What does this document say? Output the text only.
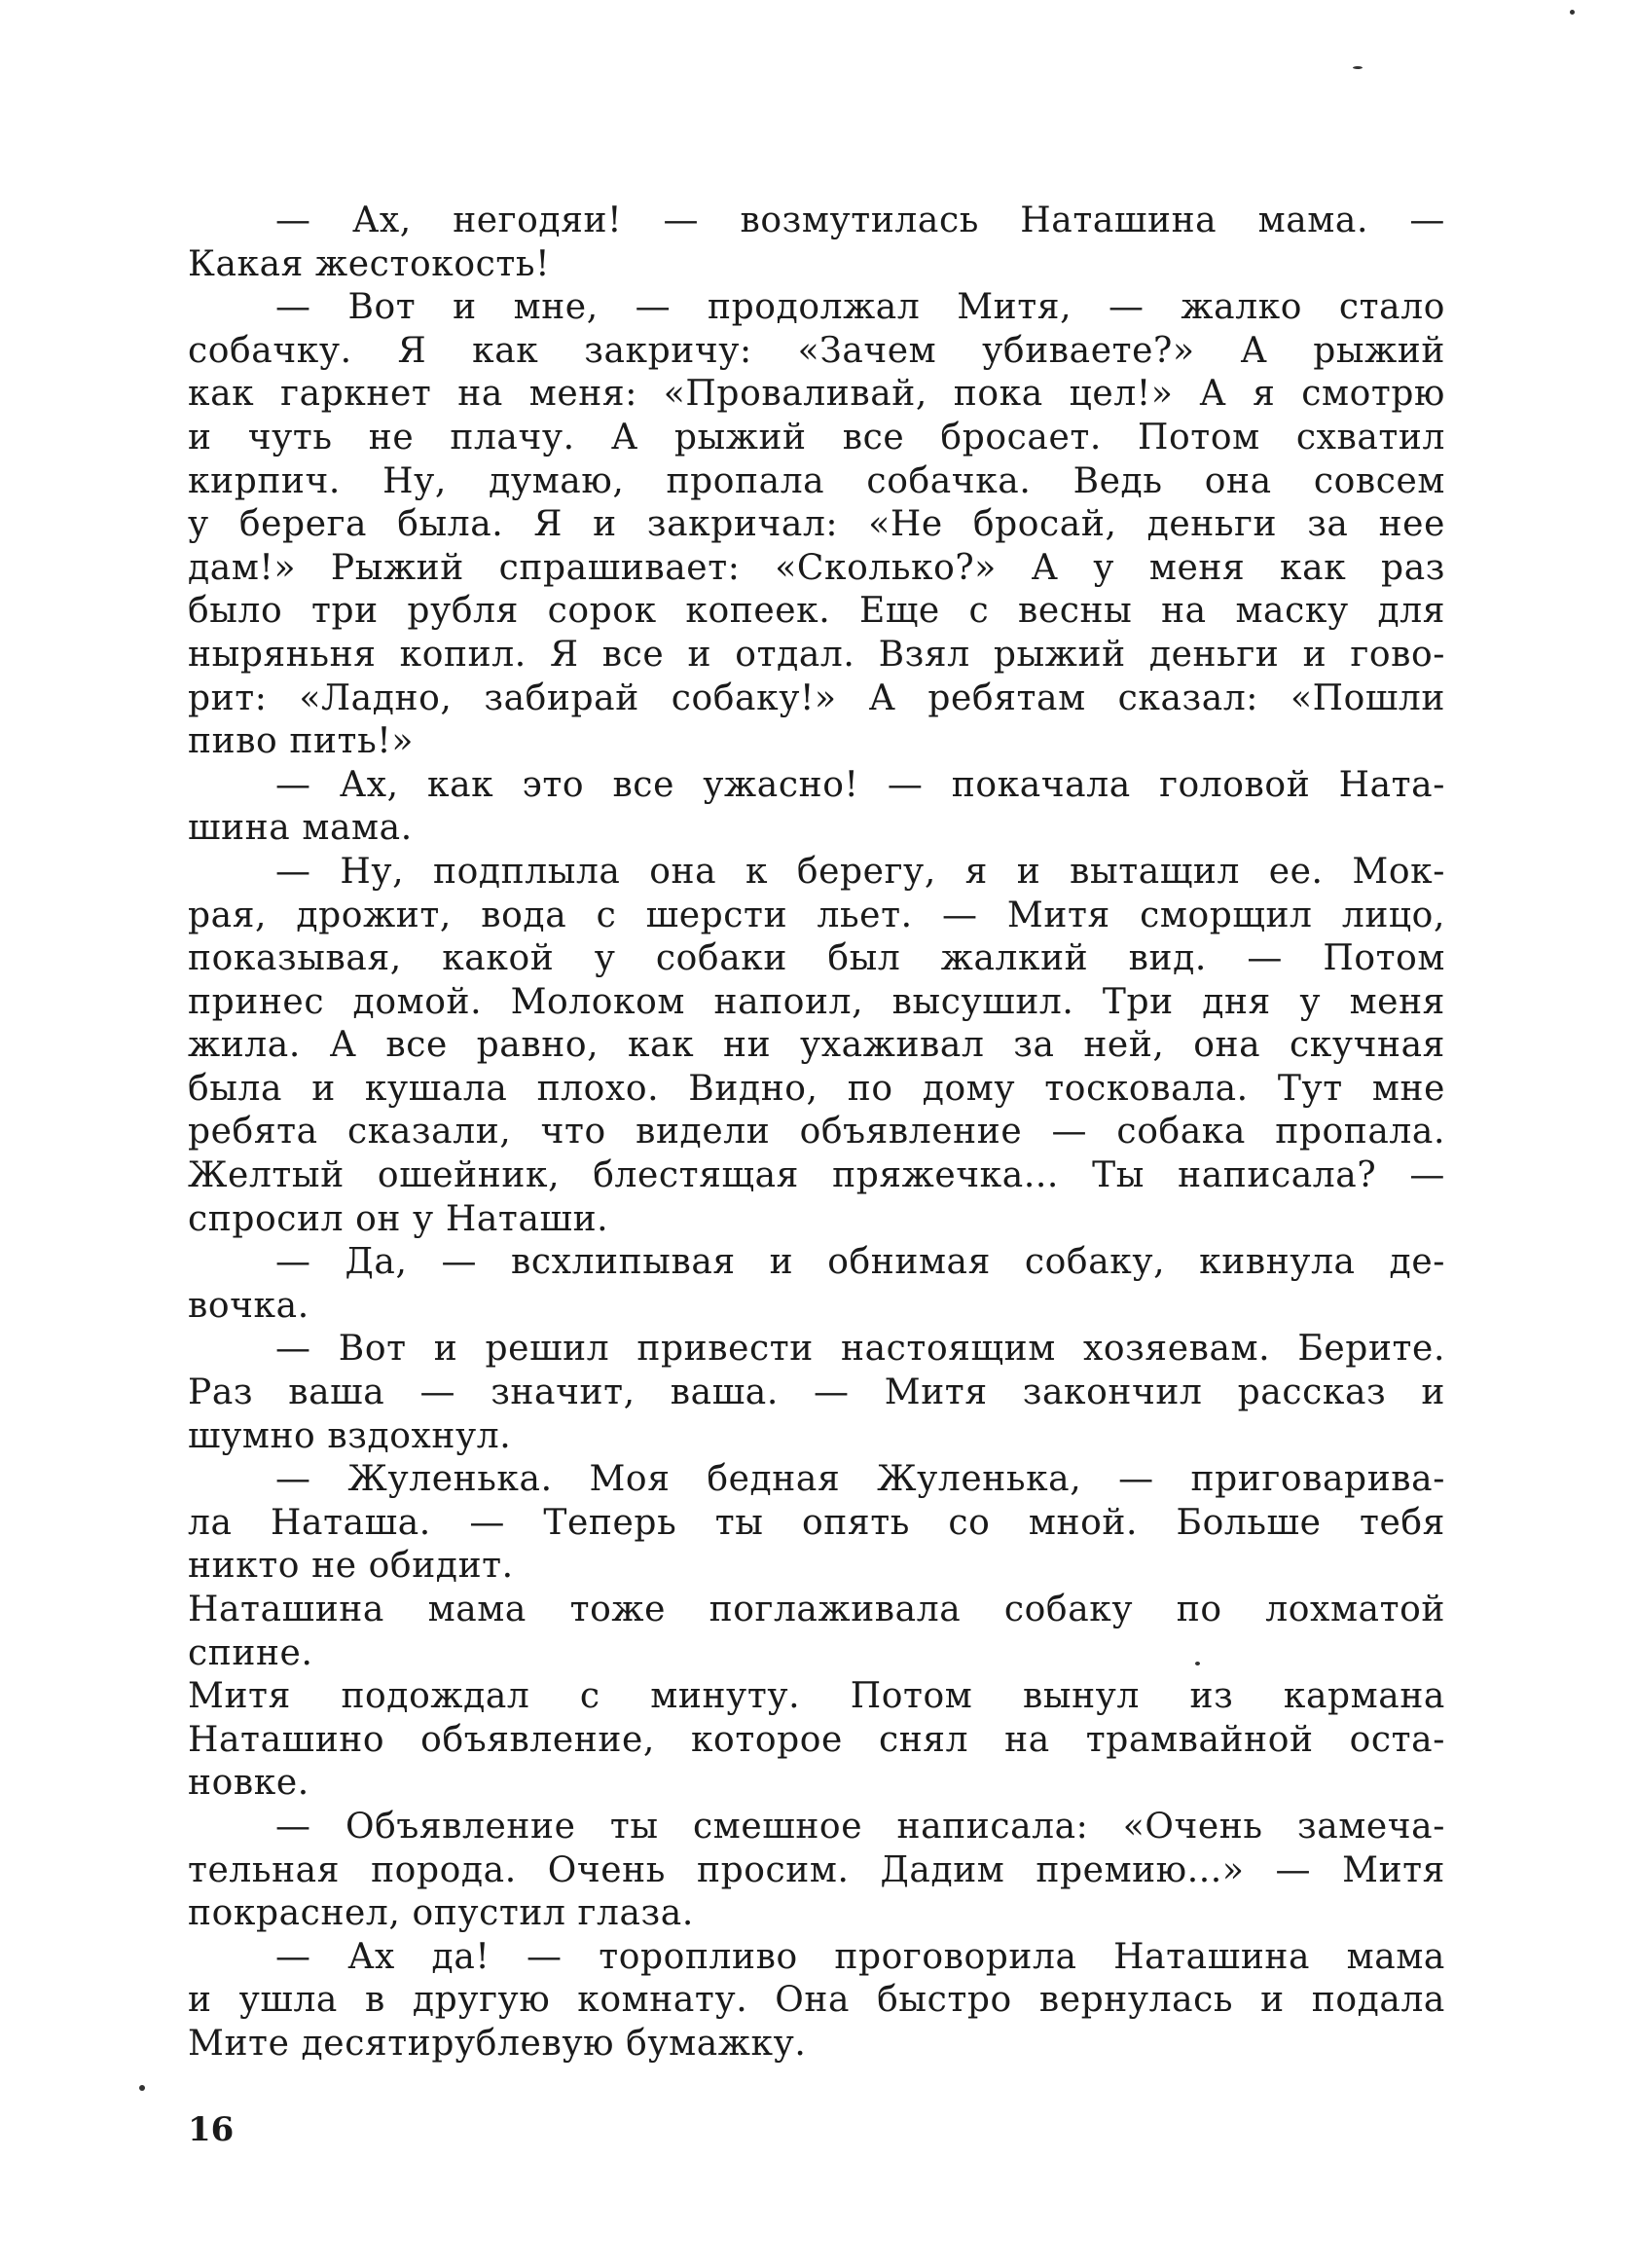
— Ах, негодяи! — возмутилась Наташина мама. —
Какая жестокость!
— Вот и мне, — продолжал Митя, — жалко стало
собачку. Я как закричу: «Зачем убиваете?» А рыжий
как гаркнет на меня: «Проваливай, пока цел!» А я смотрю
и чуть не плачу. А рыжий все бросает. Потом схватил
кирпич. Ну, думаю, пропала собачка. Ведь она совсем
у берега была. Я и закричал: «Не бросай, деньги за нее
дам!» Рыжий спрашивает: «Сколько?» А у меня как раз
было три рубля сорок копеек. Еще с весны на маску для
ныряньня копил. Я все и отдал. Взял рыжий деньги и гово-
рит: «Ладно, забирай собаку!» А ребятам сказал: «Пошли
пиво пить!»
— Ах, как это все ужасно! — покачала головой Ната-
шина мама.
— Ну, подплыла она к берегу, я и вытащил ее. Мок-
рая, дрожит, вода с шерсти льет. — Митя сморщил лицо,
показывая, какой у собаки был жалкий вид. — Потом
принес домой. Молоком напоил, высушил. Три дня у меня
жила. А все равно, как ни ухаживал за ней, она скучная
была и кушала плохо. Видно, по дому тосковала. Тут мне
ребята сказали, что видели объявление — собака пропала.
Желтый ошейник, блестящая пряжечка... Ты написала? —
спросил он у Наташи.
— Да, — всхлипывая и обнимая собаку, кивнула де-
вочка.
— Вот и решил привести настоящим хозяевам. Берите.
Раз ваша — значит, ваша. — Митя закончил рассказ и
шумно вздохнул.
— Жуленька. Моя бедная Жуленька, — приговарива-
ла Наташа. — Теперь ты опять со мной. Больше тебя
никто не обидит.
Наташина мама тоже поглаживала собаку по лохматой
спине.
Митя подождал с минуту. Потом вынул из кармана
Наташино объявление, которое снял на трамвайной оста-
новке.
— Объявление ты смешное написала: «Очень замеча-
тельная порода. Очень просим. Дадим премию...» — Митя
покраснел, опустил глаза.
— Ах да! — торопливо проговорила Наташина мама
и ушла в другую комнату. Она быстро вернулась и подала
Мите десятирублевую бумажку.
16
